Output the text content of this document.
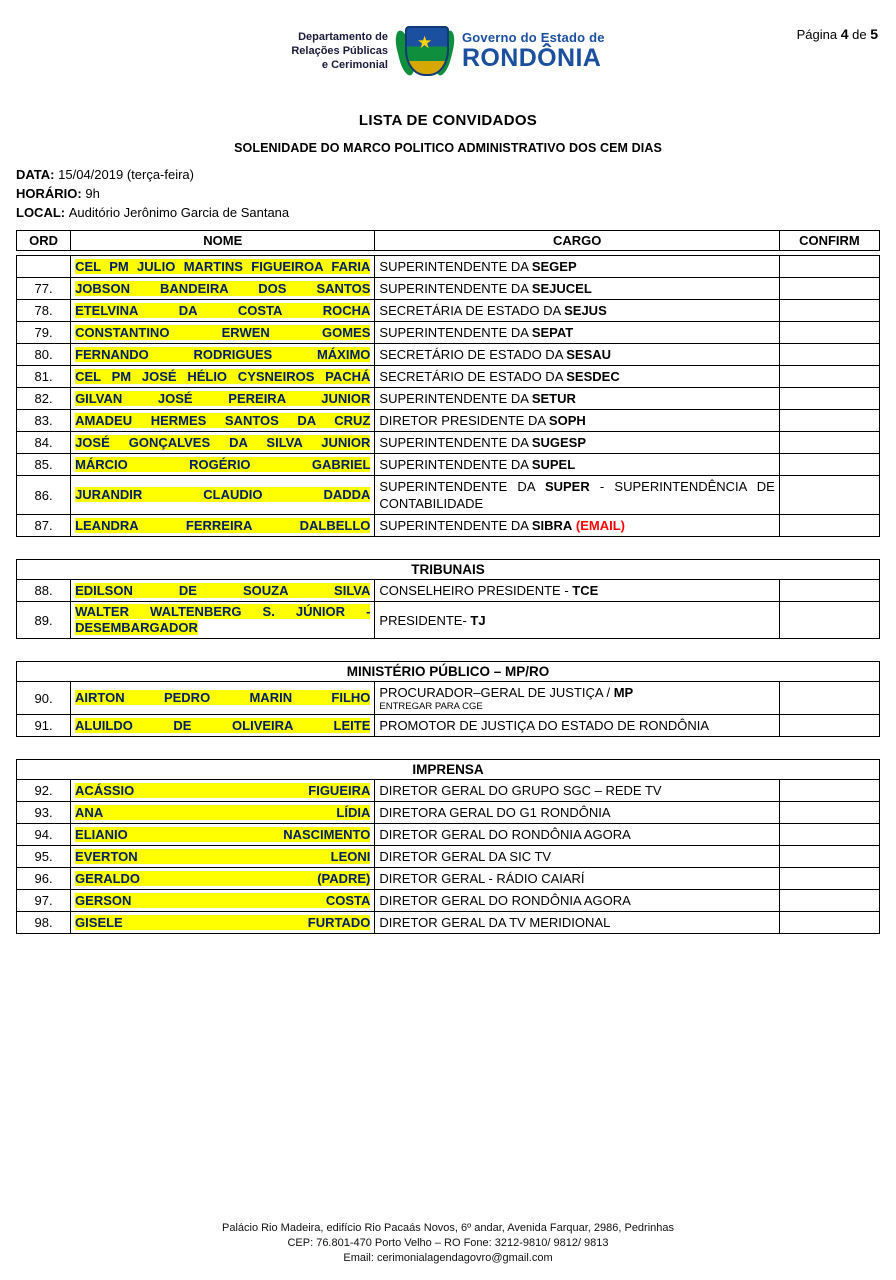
Departamento de
Relações Públicas
e Cerimonial
★ Governo do Estado de
RONDÔNIA
Página 4 de 5
LISTA DE CONVIDADOS
SOLENIDADE DO MARCO POLITICO ADMINISTRATIVO DOS CEM DIAS
DATA: 15/04/2019 (terça-feira)
HORÁRIO: 9h
LOCAL: Auditório Jerônimo Garcia de Santana
ORD	NOME	CARGO	CONFIRM
	CEL PM JULIO MARTINS FIGUEIROA FARIA	SUPERINTENDENTE DA SEGEP	
77.	JOBSON BANDEIRA DOS SANTOS	SUPERINTENDENTE DA SEJUCEL	
78.	ETELVINA DA COSTA ROCHA	SECRETÁRIA DE ESTADO DA SEJUS	
79.	CONSTANTINO ERWEN GOMES	SUPERINTENDENTE DA SEPAT	
80.	FERNANDO RODRIGUES MÁXIMO	SECRETÁRIO DE ESTADO DA SESAU	
81.	CEL PM JOSÉ HÉLIO CYSNEIROS PACHÁ	SECRETÁRIO DE ESTADO DA SESDEC	
82.	GILVAN JOSÉ PEREIRA JUNIOR	SUPERINTENDENTE DA SETUR	
83.	AMADEU HERMES SANTOS DA CRUZ	DIRETOR PRESIDENTE DA SOPH	
84.	JOSÉ GONÇALVES DA SILVA JUNIOR	SUPERINTENDENTE DA SUGESP	
85.	MÁRCIO ROGÉRIO GABRIEL	SUPERINTENDENTE DA SUPEL	
86.	JURANDIR CLAUDIO DADDA	SUPERINTENDENTE DA SUPER - SUPERINTENDÊNCIA DE CONTABILIDADE	

87.	LEANDRA FERREIRA DALBELLO	SUPERINTENDENTE DA SIBRA (EMAIL)	
TRIBUNAIS			
88.	EDILSON DE SOUZA SILVA	CONSELHEIRO PRESIDENTE - TCE	
89.	WALTER WALTENBERG S. JÚNIOR - DESEMBARGADOR	PRESIDENTE- TJ	
MINISTÉRIO PÚBLICO – MP/RO			
90.	AIRTON PEDRO MARIN FILHO	PROCURADOR–GERAL DE JUSTIÇA / MP
ENTREGAR PARA CGE	

91.	ALUILDO DE OLIVEIRA LEITE	PROMOTOR DE JUSTIÇA DO ESTADO DE RONDÔNIA	
IMPRENSA			
92.	ACÁSSIO FIGUEIRA	DIRETOR GERAL DO GRUPO SGC – REDE TV	
93.	ANA LÍDIA	DIRETORA GERAL DO G1 RONDÔNIA	
94.	ELIANIO NASCIMENTO	DIRETOR GERAL DO RONDÔNIA AGORA	
95.	EVERTON LEONI	DIRETOR GERAL DA SIC TV	
96.	GERALDO (PADRE)	DIRETOR GERAL - RÁDIO CAIARÍ	
97.	GERSON COSTA	DIRETOR GERAL DO RONDÔNIA AGORA	
98.	GISELE FURTADO	DIRETOR GERAL DA TV MERIDIONAL	
Palácio Rio Madeira, edifício Rio Pacaás Novos, 6º andar, Avenida Farquar, 2986, Pedrinhas
CEP: 76.801-470 Porto Velho – RO Fone: 3212-9810/ 9812/ 9813
Email: cerimonialagendagovro@gmail.com
